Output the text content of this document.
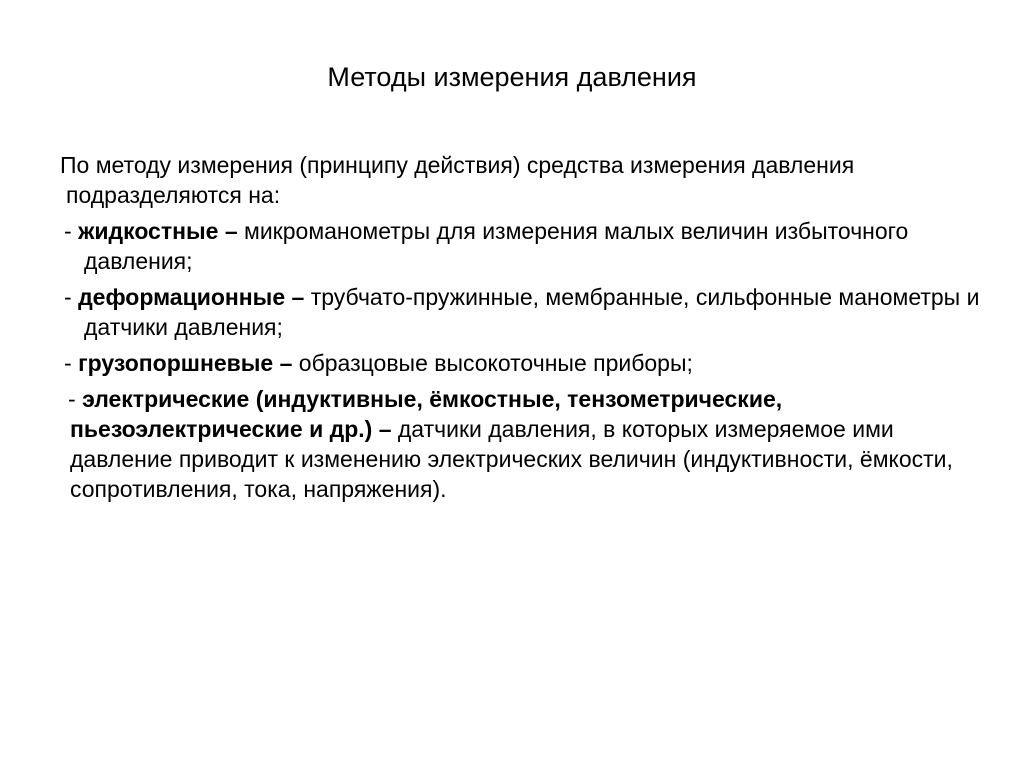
Методы измерения давления

По методу измерения (принципу действия) средства измерения давления подразделяются на:

- жидкостные – микроманометры для измерения малых величин избыточного давления;

- деформационные – трубчато-пружинные, мембранные, сильфонные манометры и датчики давления;

- грузопоршневые – образцовые высокоточные приборы;

- электрические (индуктивные, ёмкостные, тензометрические, пьезоэлектрические и др.) – датчики давления, в которых измеряемое ими давление приводит к изменению электрических величин (индуктивности, ёмкости, сопротивления, тока, напряжения).
